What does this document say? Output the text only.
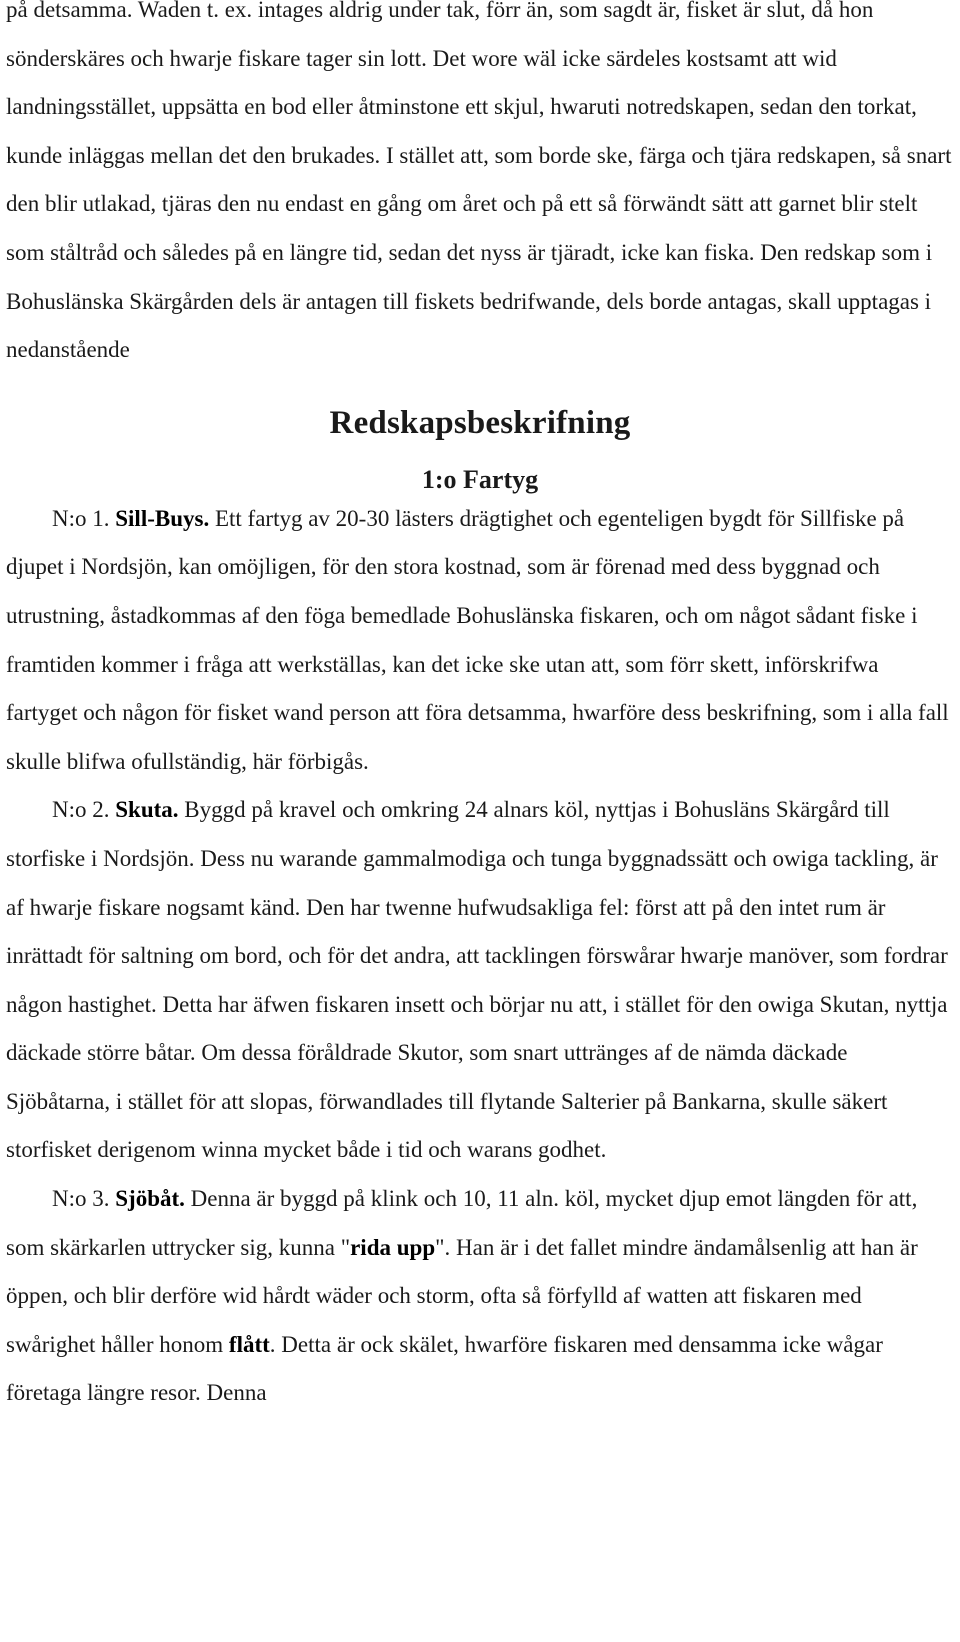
på detsamma. Waden t. ex. intages aldrig under tak, förr än, som sagdt är, fisket är slut, då hon sönderskäres och hwarje fiskare tager sin lott. Det wore wäl icke särdeles kostsamt att wid landningsstället, uppsätta en bod eller åtminstone ett skjul, hwaruti notredskapen, sedan den torkat, kunde inläggas mellan det den brukades. I stället att, som borde ske, färga och tjära redskapen, så snart den blir utlakad, tjäras den nu endast en gång om året och på ett så förwändt sätt att garnet blir stelt som ståltråd och således på en längre tid, sedan det nyss är tjäradt, icke kan fiska. Den redskap som i Bohuslänska Skärgården dels är antagen till fiskets bedrifwande, dels borde antagas, skall upptagas i nedanstående

Redskapsbeskrifning
1:o Fartyg

N:o 1. Sill-Buys. Ett fartyg av 20-30 lästers drägtighet och egenteligen bygdt för Sillfiske på djupet i Nordsjön, kan omöjligen, för den stora kostnad, som är förenad med dess byggnad och utrustning, åstadkommas af den föga bemedlade Bohuslänska fiskaren, och om något sådant fiske i framtiden kommer i fråga att werkställas, kan det icke ske utan att, som förr skett, införskrifwa fartyget och någon för fisket wand person att föra detsamma, hwarföre dess beskrifning, som i alla fall skulle blifwa ofullständig, här förbigås.

N:o 2. Skuta. Byggd på kravel och omkring 24 alnars köl, nyttjas i Bohusläns Skärgård till storfiske i Nordsjön. Dess nu warande gammalmodiga och tunga byggnadssätt och owiga tackling, är af hwarje fiskare nogsamt känd. Den har twenne hufwudsakliga fel: först att på den intet rum är inrättadt för saltning om bord, och för det andra, att tacklingen förswårar hwarje manöver, som fordrar någon hastighet. Detta har äfwen fiskaren insett och börjar nu att, i stället för den owiga Skutan, nyttja däckade större båtar. Om dessa föråldrade Skutor, som snart uttränges af de nämda däckade Sjöbåtarna, i stället för att slopas, förwandlades till flytande Salterier på Bankarna, skulle säkert storfisket derigenom winna mycket både i tid och warans godhet.

N:o 3. Sjöbåt. Denna är byggd på klink och 10, 11 aln. köl, mycket djup emot längden för att, som skärkarlen uttrycker sig, kunna "rida upp". Han är i det fallet mindre ändamålsenlig att han är öppen, och blir derföre wid hårdt wäder och storm, ofta så förfylld af watten att fiskaren med swårighet håller honom flått. Detta är ock skälet, hwarföre fiskaren med densamma icke wågar företaga längre resor. Denna
